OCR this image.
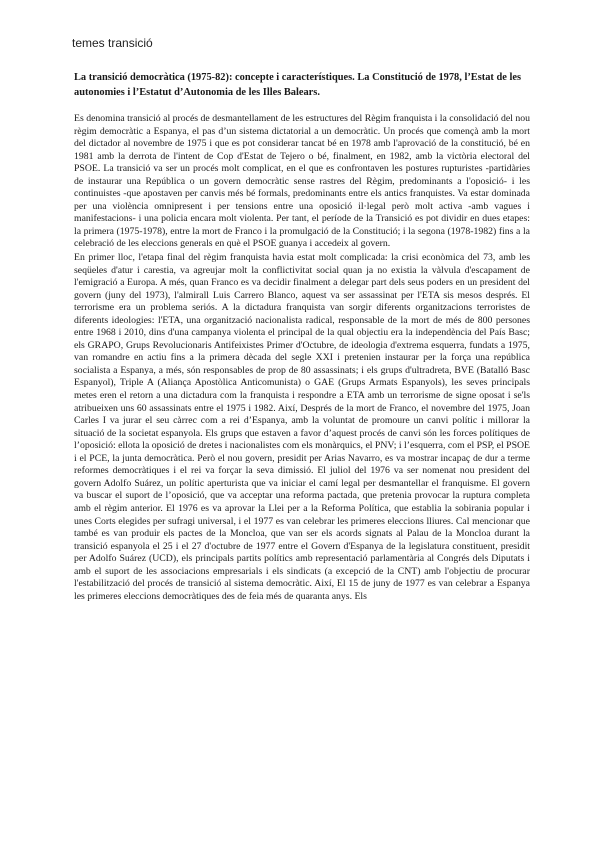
temes transició
La transició democràtica (1975-82): concepte i característiques. La Constitució de 1978, l’Estat de les autonomies i l’Estatut d’Autonomia de les Illes Balears.

Es denomina transició al procés de desmantellament de les estructures del Règim franquista i la consolidació del nou règim democràtic a Espanya, el pas d’un sistema dictatorial a un democràtic. Un procés que començà amb la mort del dictador al novembre de 1975 i que es pot considerar tancat bé en 1978 amb l'aprovació de la constitució, bé en 1981 amb la derrota de l'intent de Cop d'Estat de Tejero o bé, finalment, en 1982, amb la victòria electoral del PSOE. La transició va ser un procés molt complicat, en el que es confrontaven les postures rupturistes -partidàries de instaurar una República o un govern democràtic sense rastres del Règim, predominants a l'oposició- i les continuistes -que apostaven per canvis més bé formals, predominants entre els antics franquistes. Va estar dominada per una violència omnipresent i per tensions entre una oposició il·legal però molt activa -amb vagues i manifestacions- i una policia encara molt violenta. Per tant, el període de la Transició es pot dividir en dues etapes: la primera (1975-1978), entre la mort de Franco i la promulgació de la Constitució; i la segona (1978-1982) fins a la celebració de les eleccions generals en què el PSOE guanya i accedeix al govern.

En primer lloc, l'etapa final del règim franquista havia estat molt complicada: la crisi econòmica del 73, amb les seqüeles d'atur i carestia, va agreujar molt la conflictivitat social quan ja no existia la vàlvula d'escapament de l'emigració a Europa. A més, quan Franco es va decidir finalment a delegar part dels seus poders en un president del govern (juny del 1973), l'almirall Luis Carrero Blanco, aquest va ser assassinat per l'ETA sis mesos després. El terrorisme era un problema seriós. A la dictadura franquista van sorgir diferents organitzacions terroristes de diferents ideologies: l'ETA, una organització nacionalista radical, responsable de la mort de més de 800 persones entre 1968 i 2010, dins d'una campanya violenta el principal de la qual objectiu era la independència del País Basc; els GRAPO, Grups Revolucionaris Antifeixistes Primer d'Octubre, de ideologia d'extrema esquerra, fundats a 1975, van romandre en actiu fins a la primera dècada del segle XXI i pretenien instaurar per la força una república socialista a Espanya, a més, són responsables de prop de 80 assassinats; i els grups d'ultradreta, BVE (Batalló Basc Espanyol), Triple A (Aliança Apostòlica Anticomunista) o GAE (Grups Armats Espanyols), les seves principals metes eren el retorn a una dictadura com la franquista i respondre a ETA amb un terrorisme de signe oposat i se'ls atribueixen uns 60 assassinats entre el 1975 i 1982. Així, Després de la mort de Franco, el novembre del 1975, Joan Carles I va jurar el seu càrrec com a rei d’Espanya, amb la voluntat de promoure un canvi polític i millorar la situació de la societat espanyola. Els grups que estaven a favor d’aquest procés de canvi són les forces polítiques de l’oposició: ellota la oposició de dretes i nacionalistes com els monàrquics, el PNV; i l’esquerra, com el PSP, el PSOE i el PCE, la junta democràtica. Però el nou govern, presidit per Arias Navarro, es va mostrar incapaç de dur a terme reformes democràtiques i el rei va forçar la seva dimissió. El juliol del 1976 va ser nomenat nou president del govern Adolfo Suárez, un polític aperturista que va iniciar el camí legal per desmantellar el franquisme. El govern va buscar el suport de l’oposició, que va acceptar una reforma pactada, que pretenia provocar la ruptura completa amb el règim anterior. El 1976 es va aprovar la Llei per a la Reforma Política, que establia la sobirania popular i unes Corts elegides per sufragi universal, i el 1977 es van celebrar les primeres eleccions lliures. Cal mencionar que també es van produir els pactes de la Moncloa, que van ser els acords signats al Palau de la Moncloa durant la transició espanyola el 25 i el 27 d'octubre de 1977 entre el Govern d'Espanya de la legislatura constituent, presidit per Adolfo Suárez (UCD), els principals partits polítics amb representació parlamentària al Congrés dels Diputats i amb el suport de les associacions empresarials i els sindicats (a excepció de la CNT) amb l'objectiu de procurar l'estabilització del procés de transició al sistema democràtic. Així, El 15 de juny de 1977 es van celebrar a Espanya les primeres eleccions democràtiques des de feia més de quaranta anys. Els
